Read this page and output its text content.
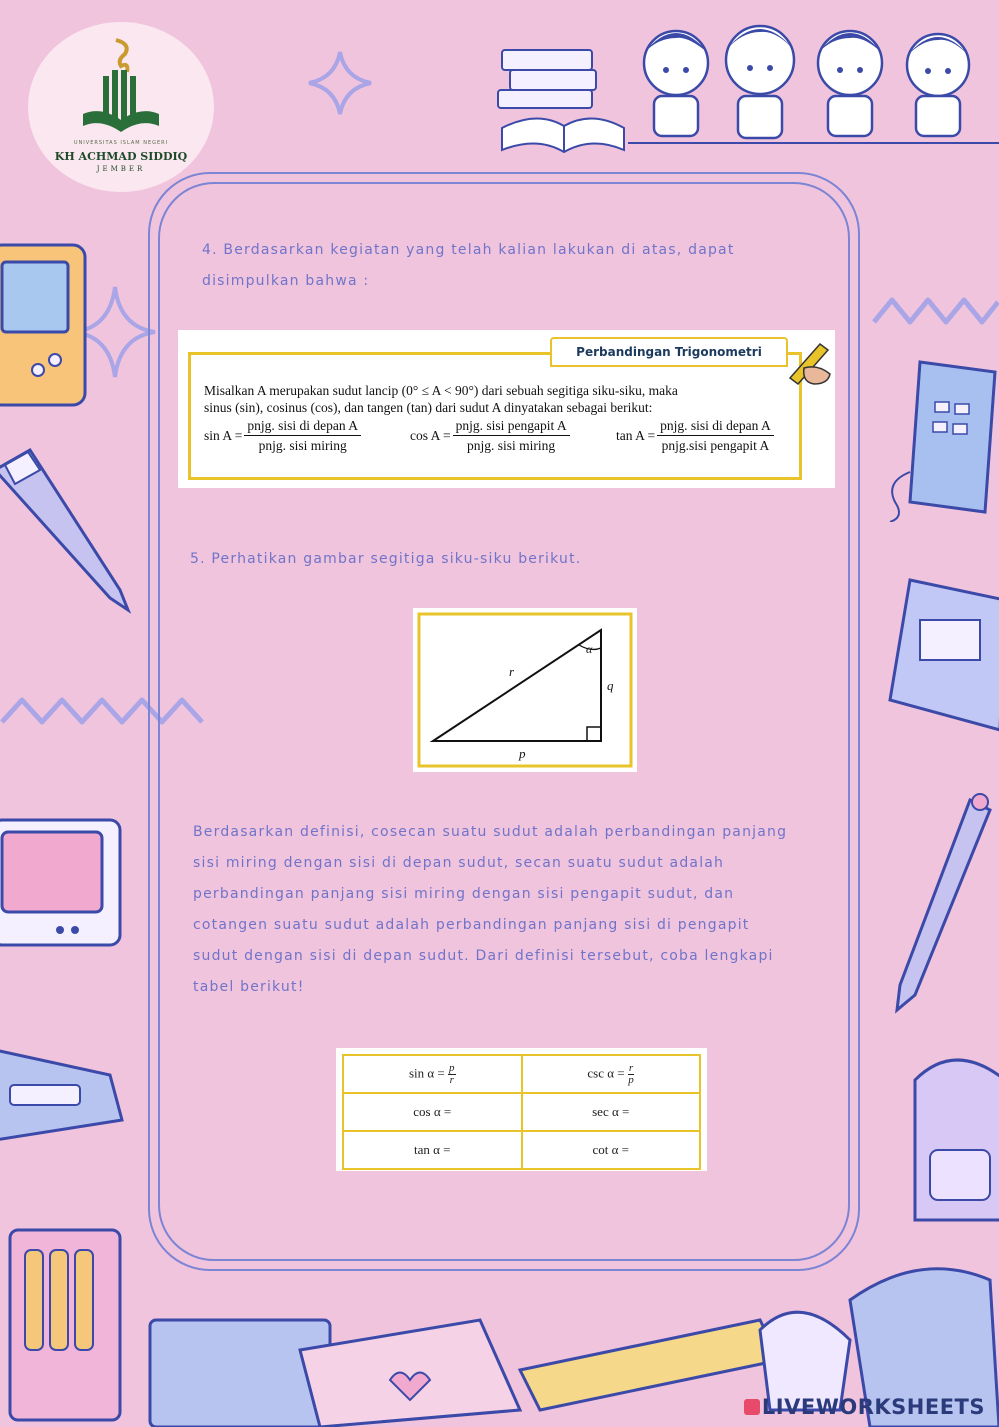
UNIVERSITAS ISLAM NEGERI
KH ACHMAD SIDDIQ
JEMBER
4. Berdasarkan kegiatan yang telah kalian lakukan di atas, dapat
disimpulkan bahwa :
Perbandingan Trigonometri
Misalkan A merupakan sudut lancip (0° ≤ A < 90°) dari sebuah segitiga siku-siku, maka
sinus (sin), cosinus (cos), dan tangen (tan) dari sudut A dinyatakan sebagai berikut:
$\sin A = \frac{\text{pnjg. sisi di depan A}}{\text{pnjg. sisi miring}}$	$\cos A = \frac{\text{pnjg. sisi pengapit A}}{\text{pnjg. sisi miring}}$	$\tan A = \frac{\text{pnjg. sisi di depan A}}{\text{pnjg.sisi pengapit A}}$
5. Perhatikan gambar segitiga siku-siku berikut.
α
r
q
p
Berdasarkan definisi, cosecan suatu sudut adalah perbandingan panjang
sisi miring dengan sisi di depan sudut, secan suatu sudut adalah
perbandingan panjang sisi miring dengan sisi pengapit sudut, dan
cotangen suatu sudut adalah perbandingan panjang sisi di pengapit
sudut dengan sisi di depan sudut. Dari definisi tersebut, coba lengkapi
tabel berikut!
$\sin \alpha = \frac{p}{r}$	$\csc \alpha = \frac{r}{p}$

cos α =	sec α =
tan α =	cot α =
LIVEWORKSHEETS
